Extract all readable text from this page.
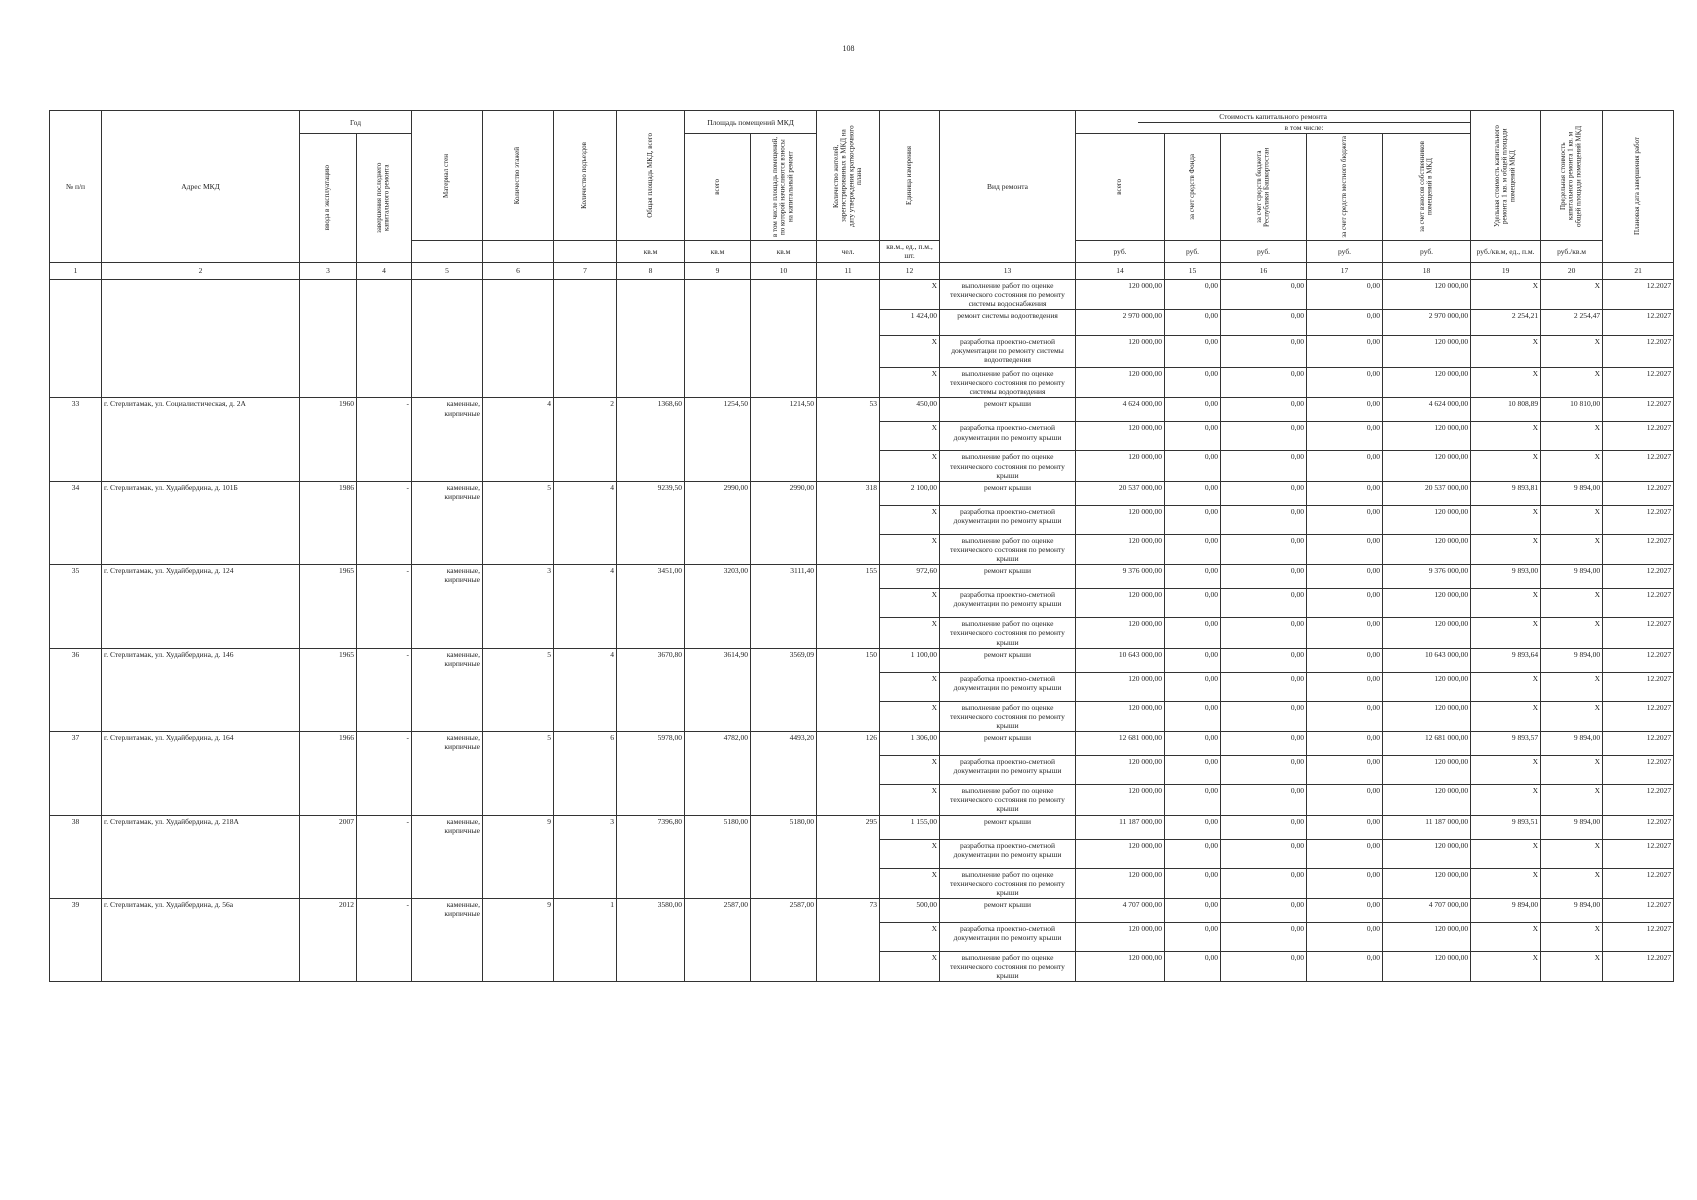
108
№ п/п	Адрес МКД	Год		Материал стен	Количество этажей	Количество подъездов	Общая площадь МКД, всего	Площадь помещений МКД		Количество жителей, зарегистрированных в МКД на дату утверждения краткосрочного плана	Единица измерения	Вид ремонта	Стоимость капитального ремонта
в том числе:					Удельная стоимость капитального ремонта 1 кв. м общей площади помещений МКД	Предельная стоимость капитального ремонта 1 кв. м общей площади помещений МКД	Плановая дата завершения работ

		ввода в эксплуатацию	завершения последнего капитального ремонта					всего	в том числе площадь помещений, по которой начисляются взносы на капитальный ремонт				всего	за счет средств Фонда	за счет средств бюджета Республики Башкортостан	за счет средств местного бюджета	за счет взносов собственников помещений в МКД			

							кв.м	кв.м	кв.м	чел.	кв.м., ед., п.м., шт.		руб.	руб.	руб.	руб.	руб.	руб./кв.м, ед., п.м.	руб./кв.м	
1	2	3	4	5	6	7	8	9	10	11	12	13	14	15	16	17	18	19	20	21
											X	выполнение работ по оценке технического состояния по ремонту системы водоснабжения	120 000,00	0,00	0,00	0,00	120 000,00	X	X	12.2027
											1 424,00	ремонт системы водоотведения	2 970 000,00	0,00	0,00	0,00	2 970 000,00	2 254,21	2 254,47	12.2027
											X	разработка проектно-сметной документации по ремонту системы водоотведения	120 000,00	0,00	0,00	0,00	120 000,00	X	X	12.2027
											X	выполнение работ по оценке технического состояния по ремонту системы водоотведения	120 000,00	0,00	0,00	0,00	120 000,00	X	X	12.2027
33	г. Стерлитамак, ул. Социалистическая, д. 2А	1960	-	каменные, кирпичные	4	2	1368,60	1254,50	1214,50	53	450,00	ремонт крыши	4 624 000,00	0,00	0,00	0,00	4 624 000,00	10 808,89	10 810,00	12.2027
											X	разработка проектно-сметной документации по ремонту крыши	120 000,00	0,00	0,00	0,00	120 000,00	X	X	12.2027
											X	выполнение работ по оценке технического состояния по ремонту крыши	120 000,00	0,00	0,00	0,00	120 000,00	X	X	12.2027
34	г. Стерлитамак, ул. Худайбердина, д. 101Б	1986	-	каменные, кирпичные	5	4	9239,50	2990,00	2990,00	318	2 100,00	ремонт крыши	20 537 000,00	0,00	0,00	0,00	20 537 000,00	9 893,81	9 894,00	12.2027
											X	разработка проектно-сметной документации по ремонту крыши	120 000,00	0,00	0,00	0,00	120 000,00	X	X	12.2027
											X	выполнение работ по оценке технического состояния по ремонту крыши	120 000,00	0,00	0,00	0,00	120 000,00	X	X	12.2027
35	г. Стерлитамак, ул. Худайбердина, д. 124	1965	-	каменные, кирпичные	3	4	3451,00	3203,00	3111,40	155	972,60	ремонт крыши	9 376 000,00	0,00	0,00	0,00	9 376 000,00	9 893,00	9 894,00	12.2027
											X	разработка проектно-сметной документации по ремонту крыши	120 000,00	0,00	0,00	0,00	120 000,00	X	X	12.2027
											X	выполнение работ по оценке технического состояния по ремонту крыши	120 000,00	0,00	0,00	0,00	120 000,00	X	X	12.2027
36	г. Стерлитамак, ул. Худайбердина, д. 146	1965	-	каменные, кирпичные	5	4	3670,80	3614,90	3569,09	150	1 100,00	ремонт крыши	10 643 000,00	0,00	0,00	0,00	10 643 000,00	9 893,64	9 894,00	12.2027
											X	разработка проектно-сметной документации по ремонту крыши	120 000,00	0,00	0,00	0,00	120 000,00	X	X	12.2027
											X	выполнение работ по оценке технического состояния по ремонту крыши	120 000,00	0,00	0,00	0,00	120 000,00	X	X	12.2027
37	г. Стерлитамак, ул. Худайбердина, д. 164	1966	-	каменные, кирпичные	5	6	5978,00	4782,00	4493,20	126	1 306,00	ремонт крыши	12 681 000,00	0,00	0,00	0,00	12 681 000,00	9 893,57	9 894,00	12.2027
											X	разработка проектно-сметной документации по ремонту крыши	120 000,00	0,00	0,00	0,00	120 000,00	X	X	12.2027
											X	выполнение работ по оценке технического состояния по ремонту крыши	120 000,00	0,00	0,00	0,00	120 000,00	X	X	12.2027
38	г. Стерлитамак, ул. Худайбердина, д. 218А	2007	-	каменные, кирпичные	9	3	7396,80	5180,00	5180,00	295	1 155,00	ремонт крыши	11 187 000,00	0,00	0,00	0,00	11 187 000,00	9 893,51	9 894,00	12.2027
											X	разработка проектно-сметной документации по ремонту крыши	120 000,00	0,00	0,00	0,00	120 000,00	X	X	12.2027
											X	выполнение работ по оценке технического состояния по ремонту крыши	120 000,00	0,00	0,00	0,00	120 000,00	X	X	12.2027
39	г. Стерлитамак, ул. Худайбердина, д. 56а	2012	-	каменные, кирпичные	9	1	3580,00	2587,00	2587,00	73	500,00	ремонт крыши	4 707 000,00	0,00	0,00	0,00	4 707 000,00	9 894,00	9 894,00	12.2027
											X	разработка проектно-сметной документации по ремонту крыши	120 000,00	0,00	0,00	0,00	120 000,00	X	X	12.2027
											X	выполнение работ по оценке технического состояния по ремонту крыши	120 000,00	0,00	0,00	0,00	120 000,00	X	X	12.2027
